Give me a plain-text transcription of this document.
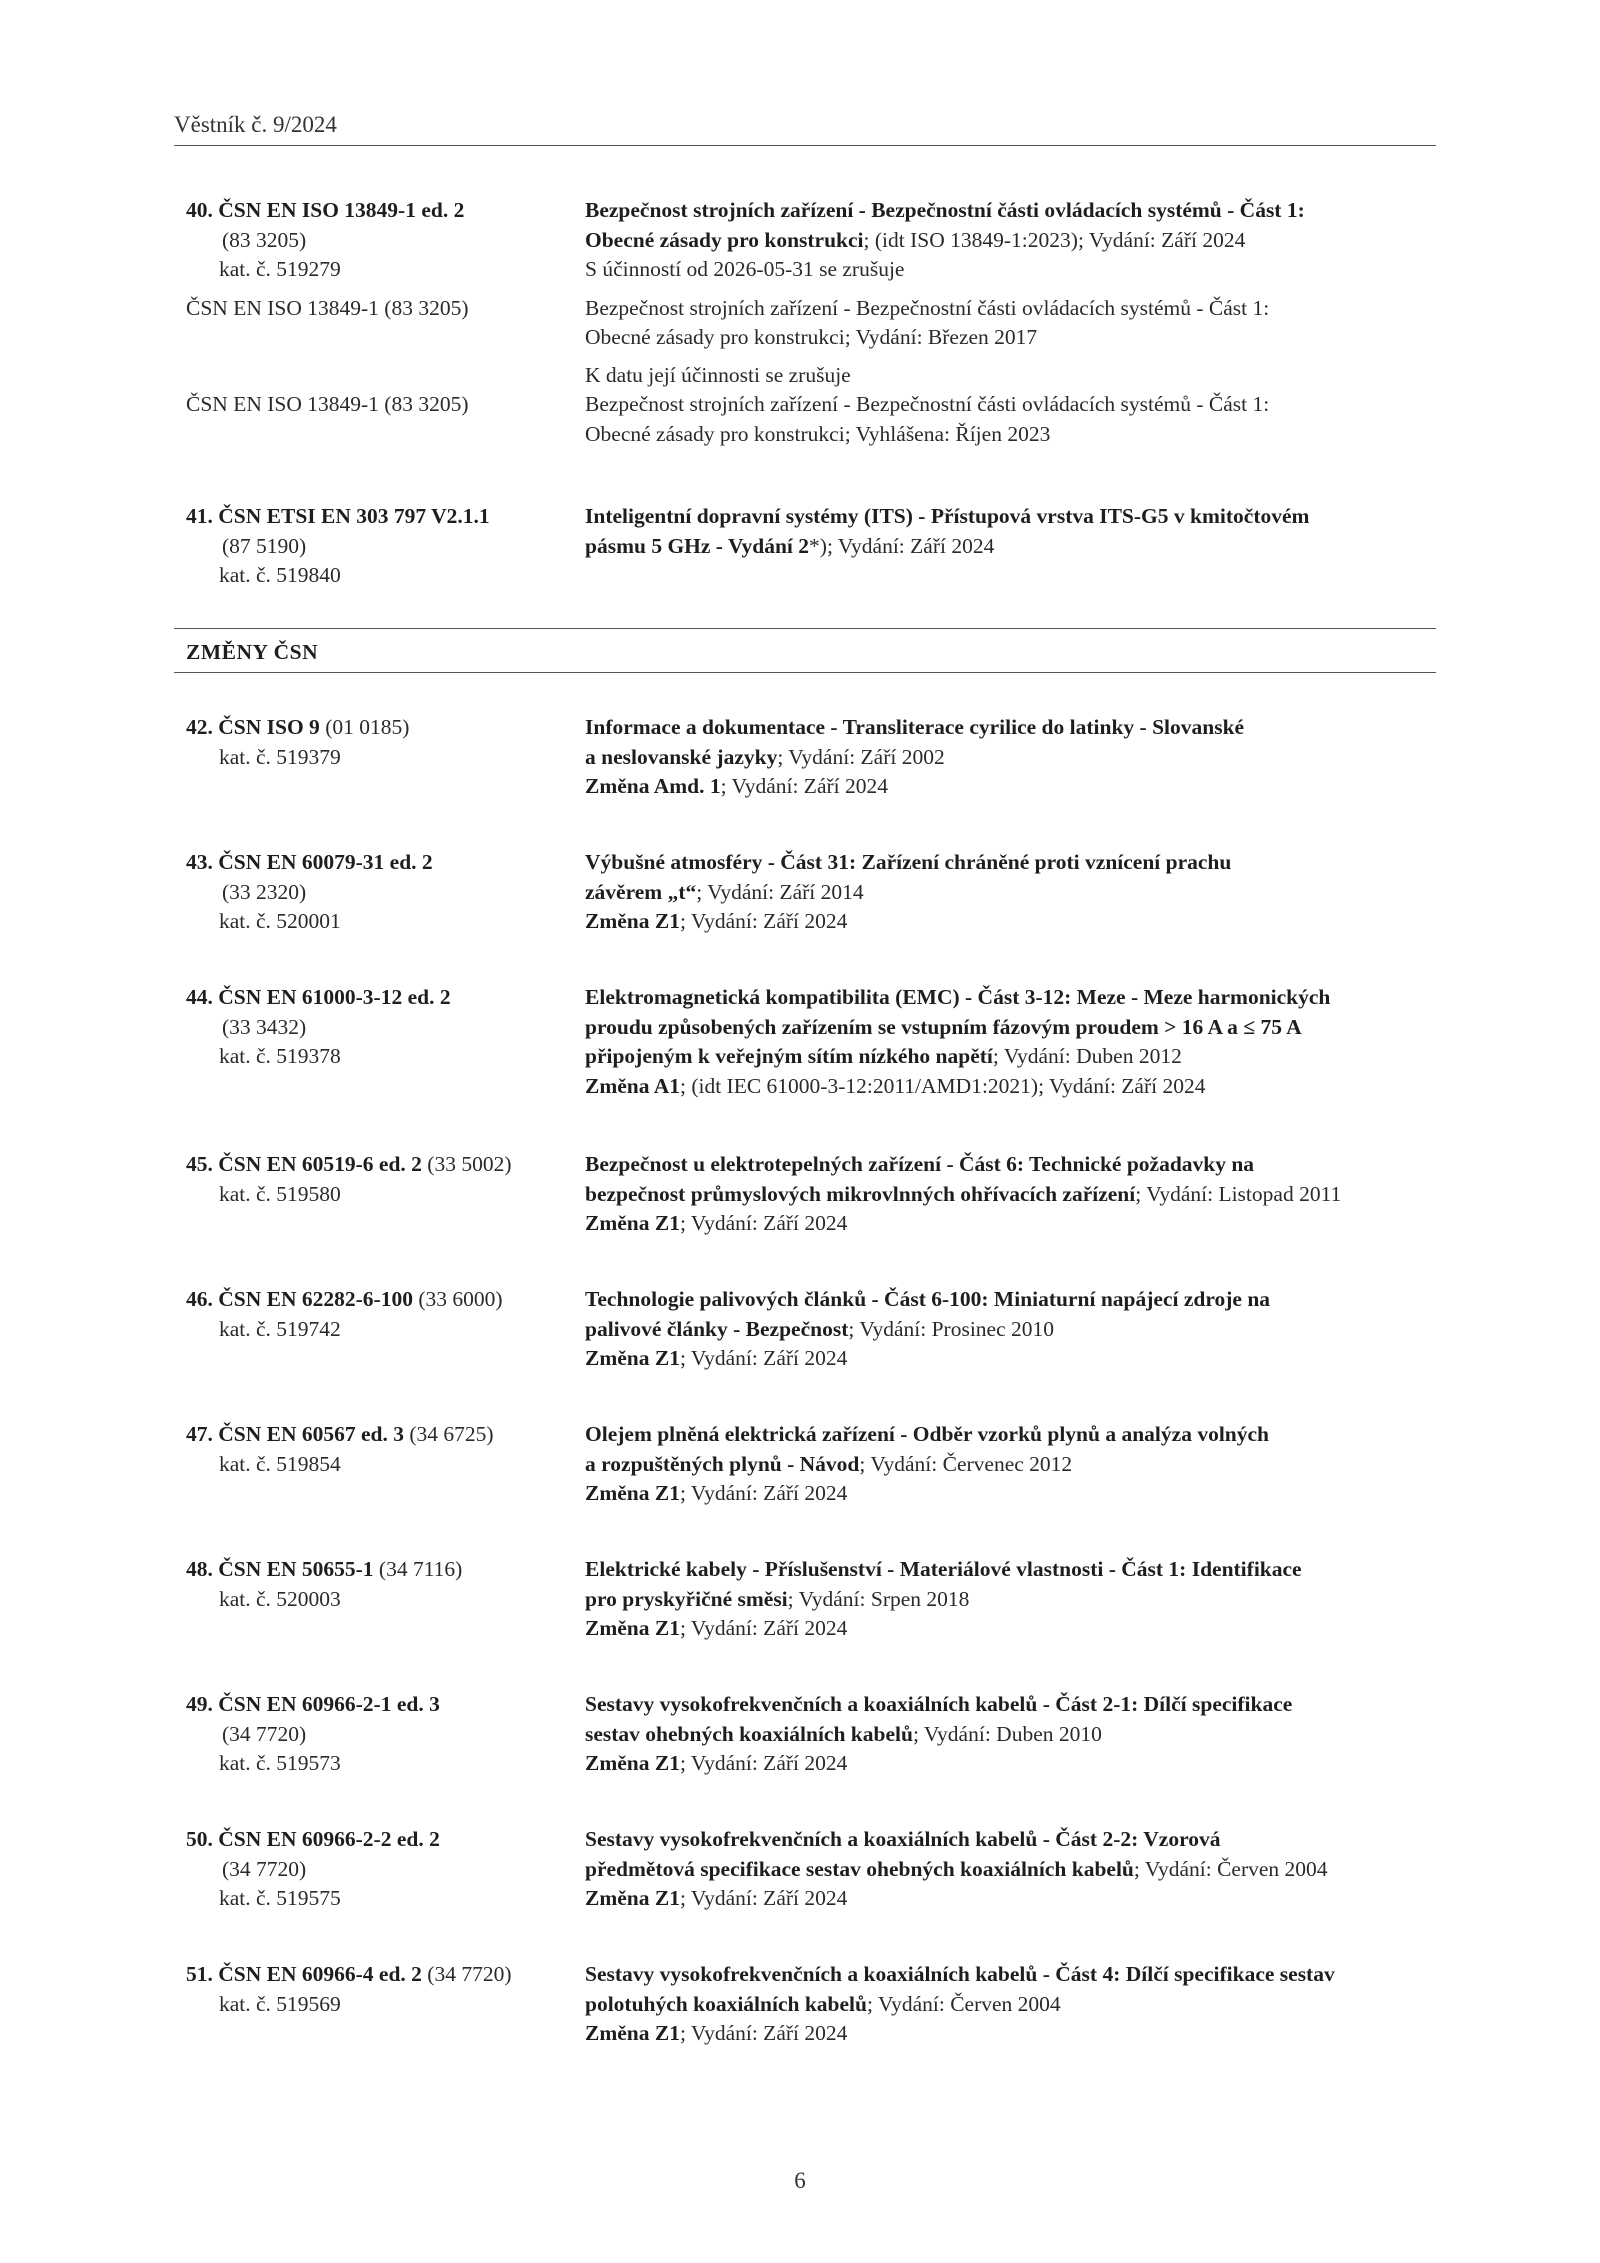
Věstník č. 9/2024
40. ČSN EN ISO 13849-1 ed. 2
(83 3205)
kat. č. 519279
ČSN EN ISO 13849-1 (83 3205)
ČSN EN ISO 13849-1 (83 3205)
Bezpečnost strojních zařízení - Bezpečnostní části ovládacích systémů - Část 1:
Obecné zásady pro konstrukci; (idt ISO 13849-1:2023); Vydání: Září 2024
S účinností od 2026-05-31 se zrušuje
Bezpečnost strojních zařízení - Bezpečnostní části ovládacích systémů - Část 1:
Obecné zásady pro konstrukci; Vydání: Březen 2017
K datu její účinnosti se zrušuje
Bezpečnost strojních zařízení - Bezpečnostní části ovládacích systémů - Část 1:
Obecné zásady pro konstrukci; Vyhlášena: Říjen 2023
41. ČSN ETSI EN 303 797 V2.1.1
(87 5190)
kat. č. 519840
Inteligentní dopravní systémy (ITS) - Přístupová vrstva ITS-G5 v kmitočtovém
pásmu 5 GHz - Vydání 2*); Vydání: Září 2024
ZMĚNY ČSN
42. ČSN ISO 9 (01 0185)
kat. č. 519379
Informace a dokumentace - Transliterace cyrilice do latinky - Slovanské
a neslovanské jazyky; Vydání: Září 2002
Změna Amd. 1; Vydání: Září 2024
43. ČSN EN 60079-31 ed. 2
(33 2320)
kat. č. 520001
Výbušné atmosféry - Část 31: Zařízení chráněné proti vznícení prachu
závěrem „t“; Vydání: Září 2014
Změna Z1; Vydání: Září 2024
44. ČSN EN 61000-3-12 ed. 2
(33 3432)
kat. č. 519378
Elektromagnetická kompatibilita (EMC) - Část 3-12: Meze - Meze harmonických
proudu způsobených zařízením se vstupním fázovým proudem > 16 A a ≤ 75 A
připojeným k veřejným sítím nízkého napětí; Vydání: Duben 2012
Změna A1; (idt IEC 61000-3-12:2011/AMD1:2021); Vydání: Září 2024
45. ČSN EN 60519-6 ed. 2 (33 5002)
kat. č. 519580
Bezpečnost u elektrotepelných zařízení - Část 6: Technické požadavky na
bezpečnost průmyslových mikrovlnných ohřívacích zařízení; Vydání: Listopad 2011
Změna Z1; Vydání: Září 2024
46. ČSN EN 62282-6-100 (33 6000)
kat. č. 519742
Technologie palivových článků - Část 6-100: Miniaturní napájecí zdroje na
palivové články - Bezpečnost; Vydání: Prosinec 2010
Změna Z1; Vydání: Září 2024
47. ČSN EN 60567 ed. 3 (34 6725)
kat. č. 519854
Olejem plněná elektrická zařízení - Odběr vzorků plynů a analýza volných
a rozpuštěných plynů - Návod; Vydání: Červenec 2012
Změna Z1; Vydání: Září 2024
48. ČSN EN 50655-1 (34 7116)
kat. č. 520003
Elektrické kabely - Příslušenství - Materiálové vlastnosti - Část 1: Identifikace
pro pryskyřičné směsi; Vydání: Srpen 2018
Změna Z1; Vydání: Září 2024
49. ČSN EN 60966-2-1 ed. 3
(34 7720)
kat. č. 519573
Sestavy vysokofrekvenčních a koaxiálních kabelů - Část 2-1: Dílčí specifikace
sestav ohebných koaxiálních kabelů; Vydání: Duben 2010
Změna Z1; Vydání: Září 2024
50. ČSN EN 60966-2-2 ed. 2
(34 7720)
kat. č. 519575
Sestavy vysokofrekvenčních a koaxiálních kabelů - Část 2-2: Vzorová
předmětová specifikace sestav ohebných koaxiálních kabelů; Vydání: Červen 2004
Změna Z1; Vydání: Září 2024
51. ČSN EN 60966-4 ed. 2 (34 7720)
kat. č. 519569
Sestavy vysokofrekvenčních a koaxiálních kabelů - Část 4: Dílčí specifikace sestav
polotuhých koaxiálních kabelů; Vydání: Červen 2004
Změna Z1; Vydání: Září 2024
6
